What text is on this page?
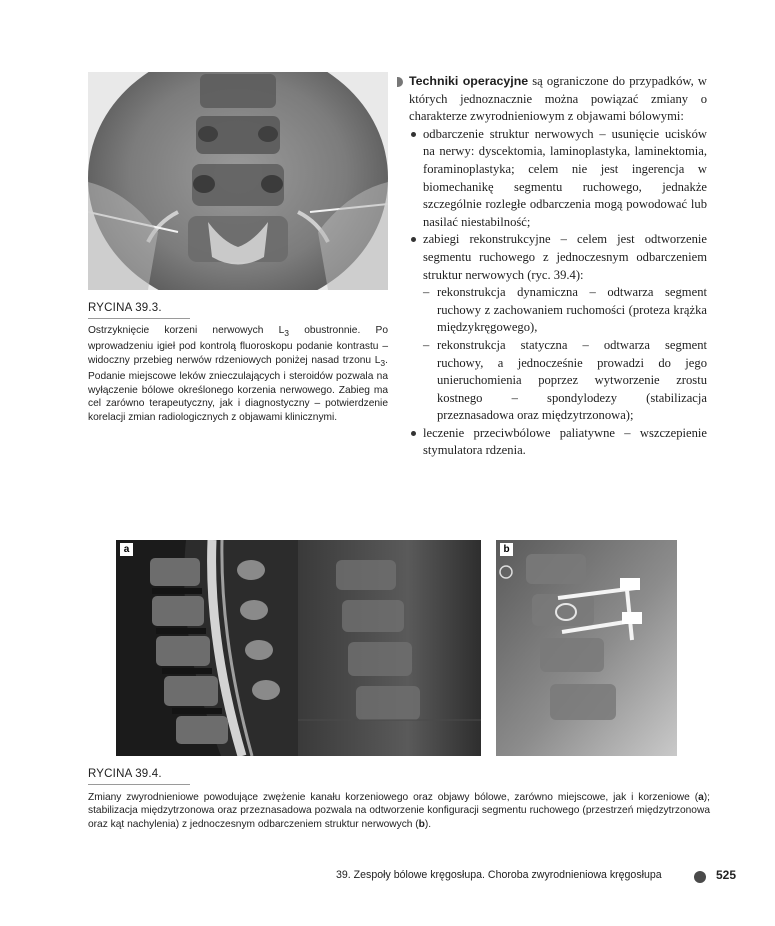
RYCINA 39.3.
Ostrzyknięcie korzeni nerwowych $L_3$ obustronnie. Po wprowadzeniu igieł pod kontrolą fluoroskopu podanie kontrastu – widoczny przebieg nerwów rdzeniowych poniżej nasad trzonu $L_3$. Podanie miejscowe leków znieczulających i steroidów pozwala na wyłączenie bólowe określonego korzenia nerwowego. Zabieg ma cel zarówno terapeutyczny, jak i diagnostyczny – potwierdzenie korelacji zmian radiologicznych z objawami klinicznymi.

Techniki operacyjne są ograniczone do przypadków, w których jednoznacznie można powiązać zmiany o charakterze zwyrodnieniowym z objawami bólowymi:

odbarczenie struktur nerwowych – usunięcie ucisków na nerwy: dyscektomia, laminoplastyka, laminektomia, foraminoplastyka; celem nie jest ingerencja w biomechanikę segmentu ruchowego, jednakże szczególnie rozległe odbarczenia mogą powodować lub nasilać niestabilność;
zabiegi rekonstrukcyjne – celem jest odtworzenie segmentu ruchowego z jednoczesnym odbarczeniem struktur nerwowych (ryc. 39.4):
– rekonstrukcja dynamiczna – odtwarza segment ruchowy z zachowaniem ruchomości (proteza krążka międzykręgowego),
– rekonstrukcja statyczna – odtwarza segment ruchowy, a jednocześnie prowadzi do jego unieruchomienia poprzez wytworzenie zrostu kostnego – spondylodezy (stabilizacja przeznasadowa oraz międzytrzonowa);
leczenie przeciwbólowe paliatywne – wszczepienie stymulatora rdzenia.
a	b
RYCINA 39.4.
Zmiany zwyrodnieniowe powodujące zwężenie kanału korzeniowego oraz objawy bólowe, zarówno miejscowe, jak i korzeniowe (a); stabilizacja międzytrzonowa oraz przeznasadowa pozwala na odtworzenie konfiguracji segmentu ruchowego (przestrzeń międzytrzonowa oraz kąt nachylenia) z jednoczesnym odbarczeniem struktur nerwowych (b).
39. Zespoły bólowe kręgosłupa. Choroba zwyrodnieniowa kręgosłupa	525
